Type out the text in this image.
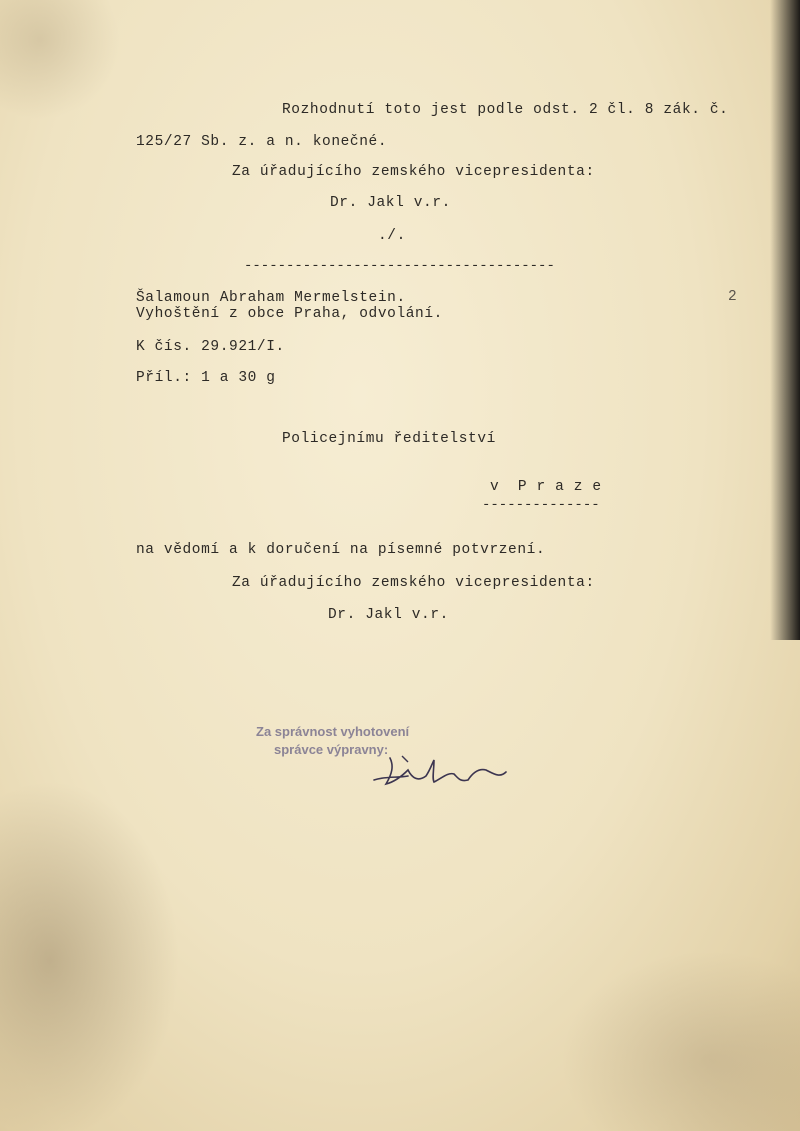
Rozhodnutí toto jest podle odst. 2 čl. 8 zák. č.
125/27 Sb. z. a n. konečné.
Za úřadujícího zemského vicepresidenta:
Dr. Jakl v.r.
./.
-------------------------------------
2
Šalamoun Abraham Mermelstein.
Vyhoštění z obce Praha, odvolání.
K čís. 29.921/I.
Příl.: 1 a 30 g
Policejnímu ředitelství
v  P r a z e
--------------
na vědomí a k doručení na písemné potvrzení.
Za úřadujícího zemského vicepresidenta:
Dr. Jakl v.r.
Za správnost vyhotovení
správce výpravny:
